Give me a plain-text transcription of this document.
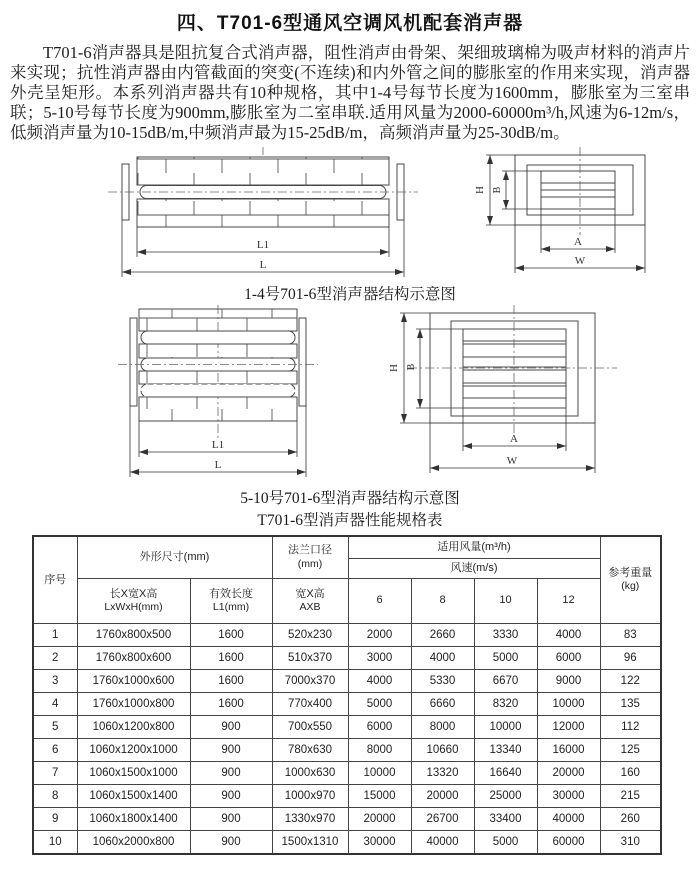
四、T701-6型通风空调风机配套消声器

T701-6消声器具是阻抗复合式消声器，阻性消声由骨架、架细玻璃棉为吸声材料的消声片来实现；抗性消声器由内管截面的突变(不连续)和内外管之间的膨胀室的作用来实现，消声器外壳呈矩形。本系列消声器共有10种规格，其中1-4号每节长度为1600mm，膨胀室为三室串联；5-10号每节长度为900mm,膨胀室为二室串联.适用风量为2000-60000m³/h,风速为6-12m/s，低频消声量为10-15dB/m,中频消声最为15-25dB/m，高频消声量为25-30dB/m。

L1
L
H B
A
W
1-4号701-6型消声器结构示意图
L1
L
H B
A
W
5-10号701-6型消声器结构示意图
T701-6型消声器性能规格表
序号	外形尺寸(mm)		法兰口径
(mm)	适用风量(m³/h)				参考重量
(kg)

				风速(m/s)				
	长X宽X高
LxWxH(mm)	有效长度
L1(mm)	宽X高
AXB	6	8	10	12	
1	1760x800x500	1600	520x230	2000	2660	3330	4000	83
2	1760x800x600	1600	510x370	3000	4000	5000	6000	96
3	1760x1000x600	1600	7000x370	4000	5330	6670	9000	122
4	1760x1000x800	1600	770x400	5000	6660	8320	10000	135
5	1060x1200x800	900	700x550	6000	8000	10000	12000	112
6	1060x1200x1000	900	780x630	8000	10660	13340	16000	125
7	1060x1500x1000	900	1000x630	10000	13320	16640	20000	160
8	1060x1500x1400	900	1000x970	15000	20000	25000	30000	215
9	1060x1800x1400	900	1330x970	20000	26700	33400	40000	260
10	1060x2000x800	900	1500x1310	30000	40000	5000	60000	310
